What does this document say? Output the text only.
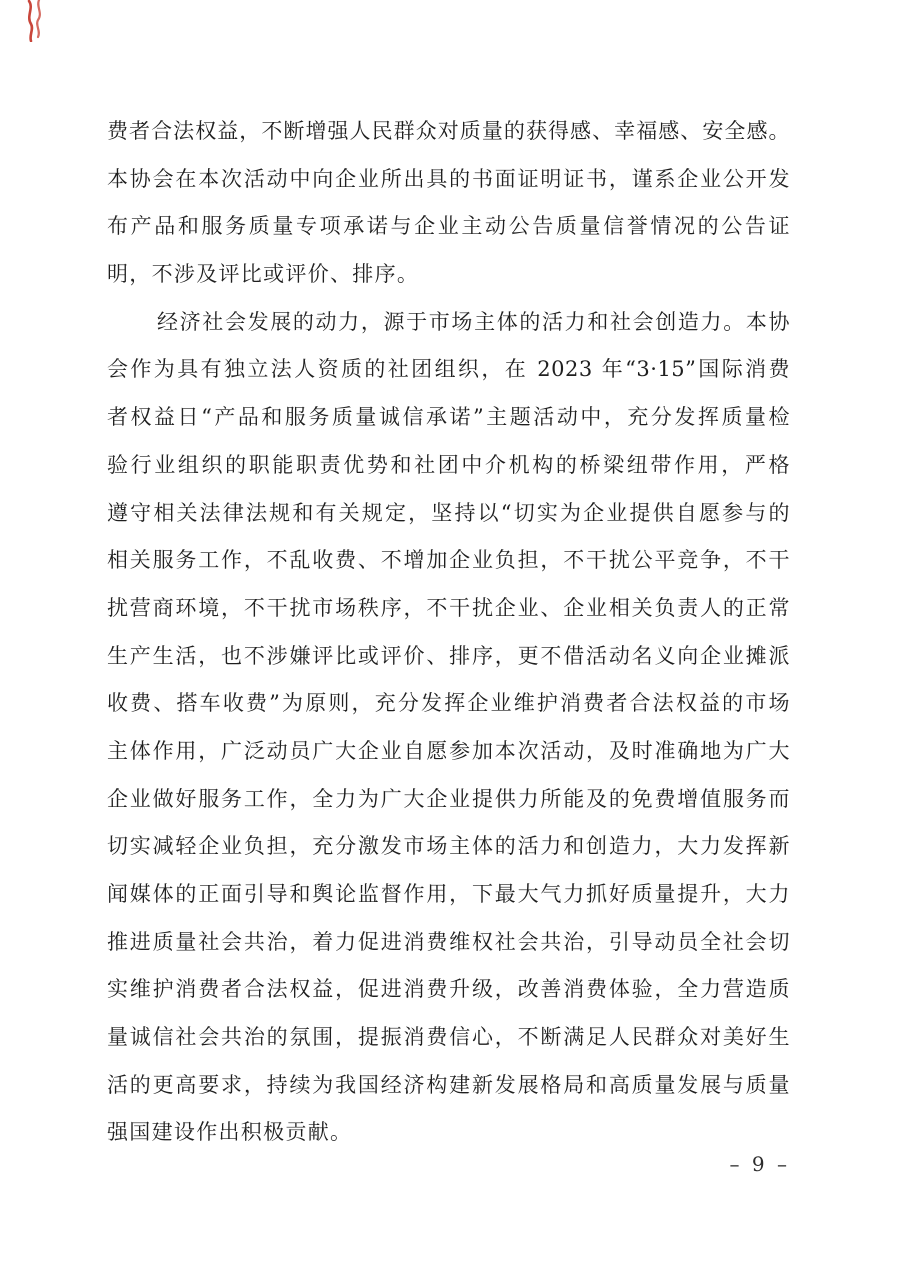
费者合法权益，不断增强人民群众对质量的获得感、幸福感、安全感。
本协会在本次活动中向企业所出具的书面证明证书，谨系企业公开发
布产品和服务质量专项承诺与企业主动公告质量信誉情况的公告证
明，不涉及评比或评价、排序。
经济社会发展的动力，源于市场主体的活力和社会创造力。本协
会作为具有独立法人资质的社团组织，在 2023 年“3·15”国际消费
者权益日“产品和服务质量诚信承诺”主题活动中，充分发挥质量检
验行业组织的职能职责优势和社团中介机构的桥梁纽带作用，严格
遵守相关法律法规和有关规定，坚持以“切实为企业提供自愿参与的
相关服务工作，不乱收费、不增加企业负担，不干扰公平竞争，不干
扰营商环境，不干扰市场秩序，不干扰企业、企业相关负责人的正常
生产生活，也不涉嫌评比或评价、排序，更不借活动名义向企业摊派
收费、搭车收费”为原则，充分发挥企业维护消费者合法权益的市场
主体作用，广泛动员广大企业自愿参加本次活动，及时准确地为广大
企业做好服务工作，全力为广大企业提供力所能及的免费增值服务而
切实减轻企业负担，充分激发市场主体的活力和创造力，大力发挥新
闻媒体的正面引导和舆论监督作用，下最大气力抓好质量提升，大力
推进质量社会共治，着力促进消费维权社会共治，引导动员全社会切
实维护消费者合法权益，促进消费升级，改善消费体验，全力营造质
量诚信社会共治的氛围，提振消费信心，不断满足人民群众对美好生
活的更高要求，持续为我国经济构建新发展格局和高质量发展与质量
强国建设作出积极贡献。
– 9 –
